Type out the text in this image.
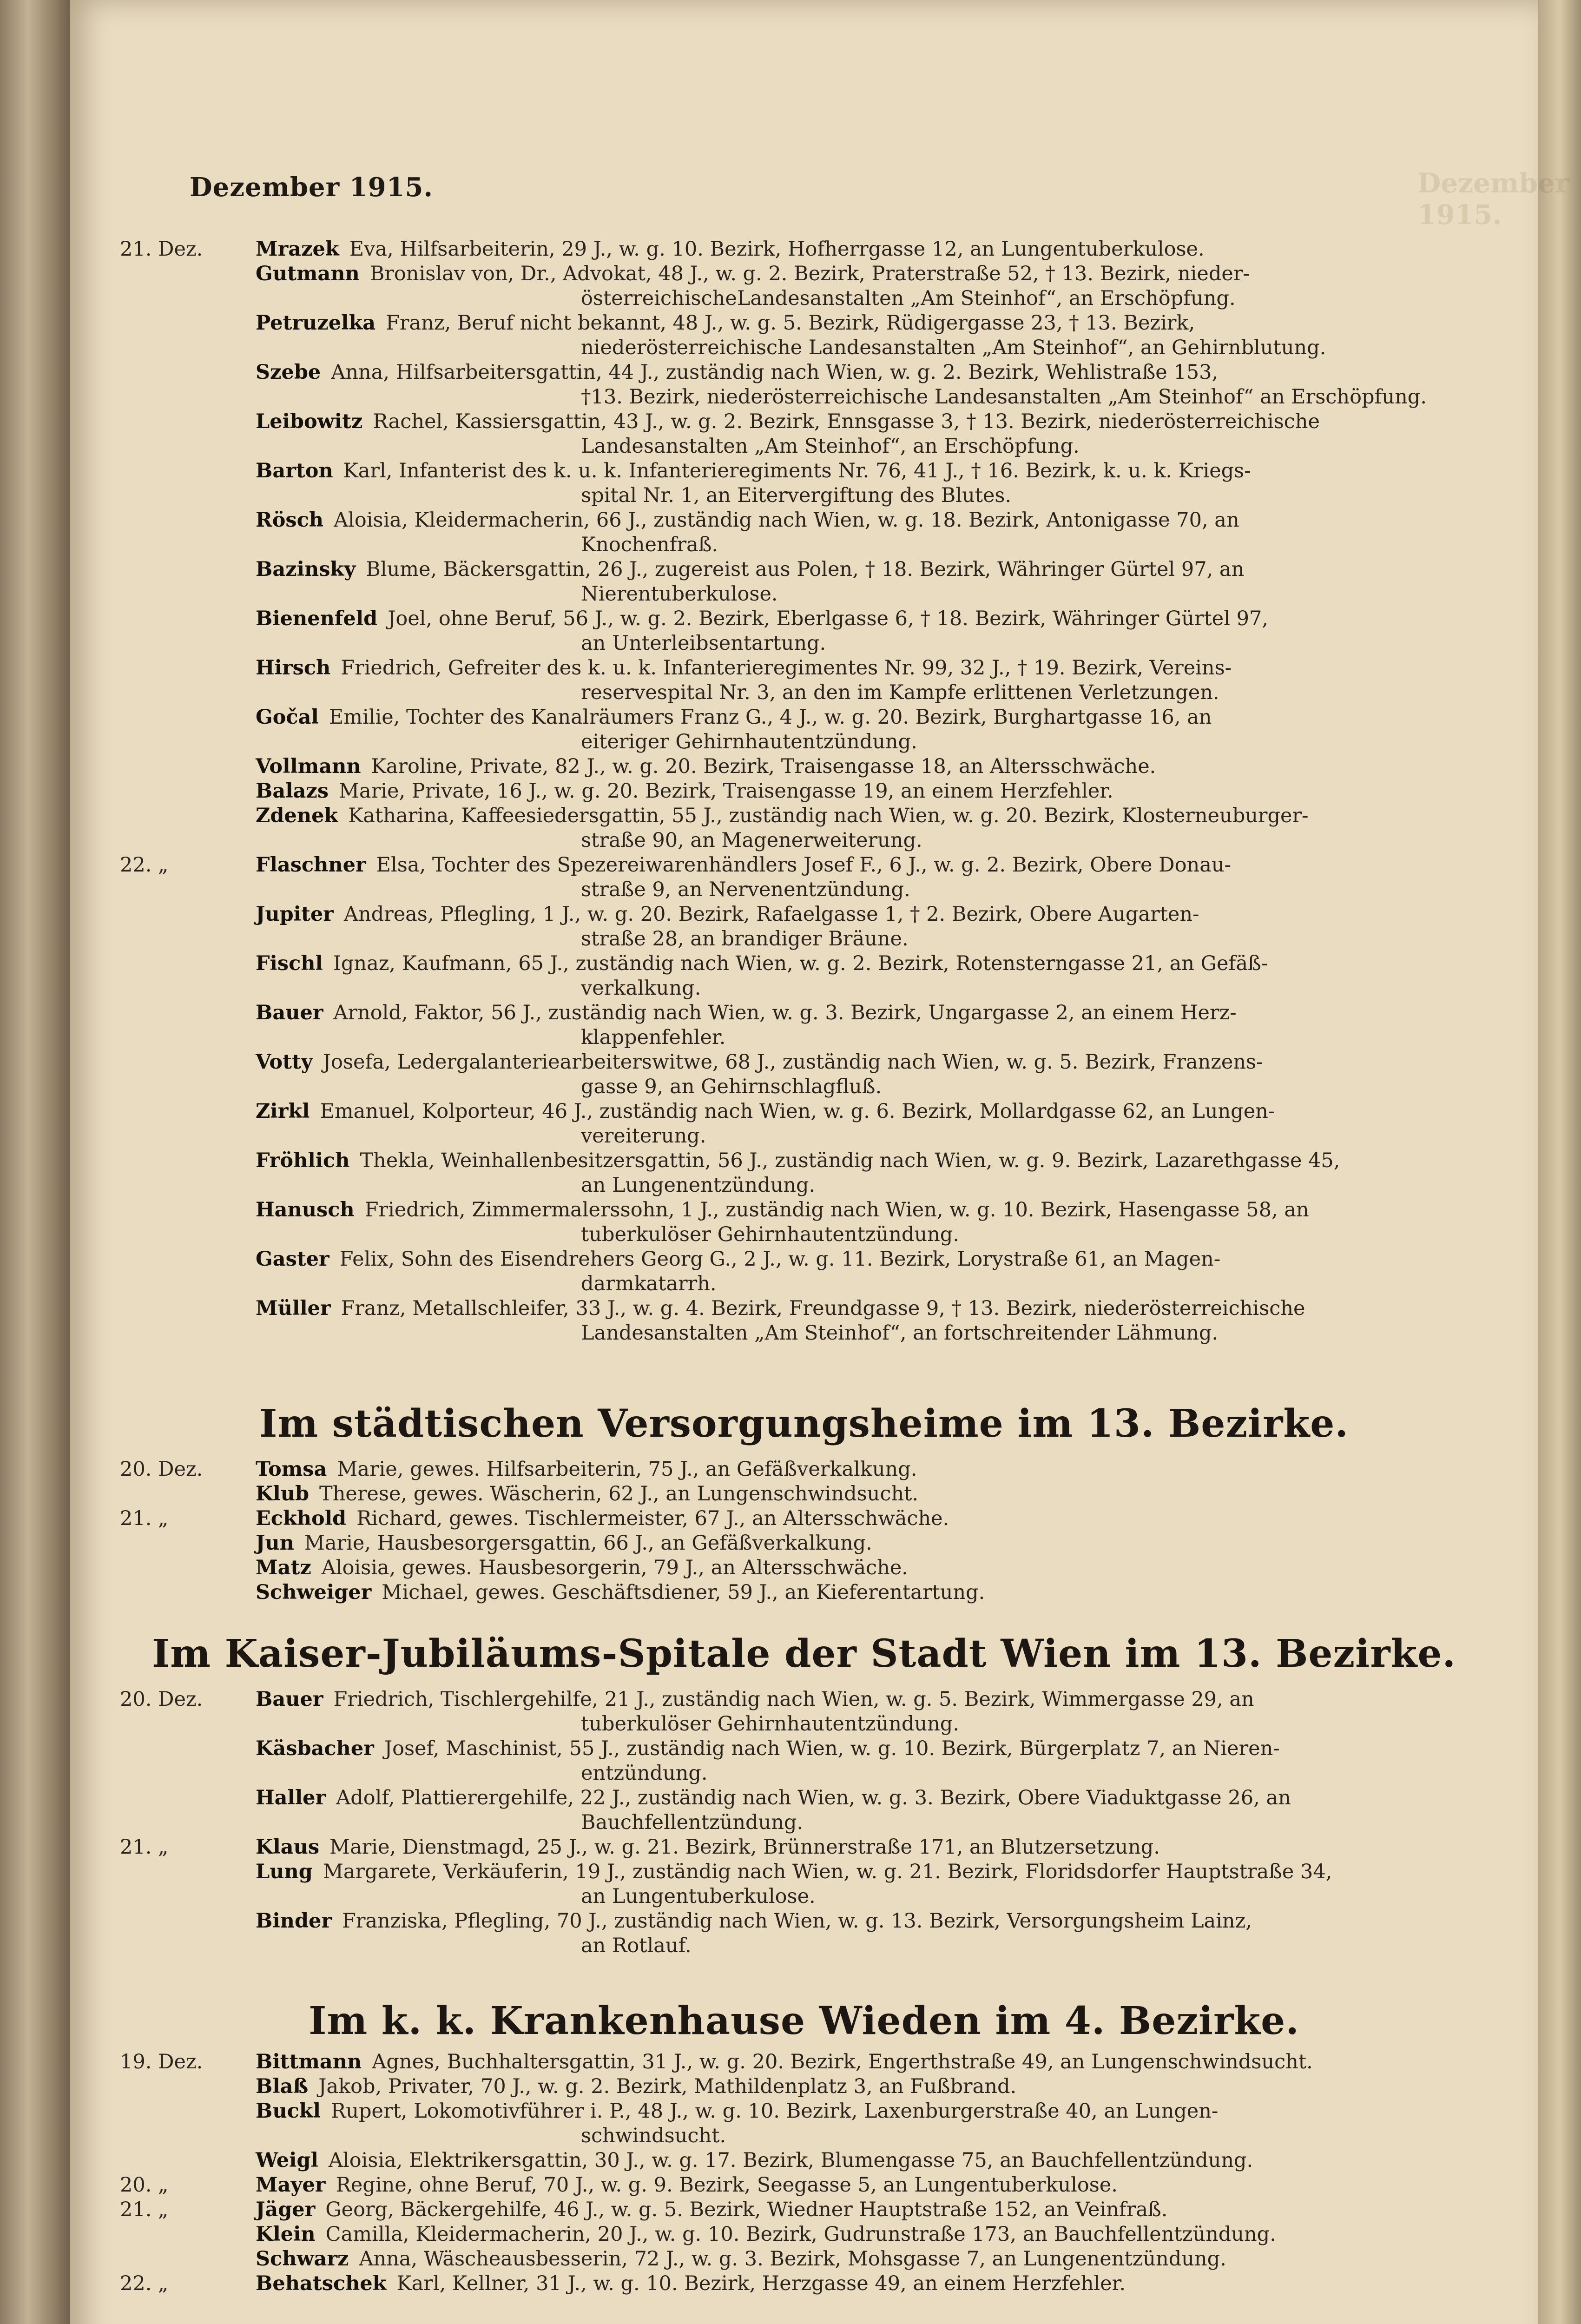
Dezember 1915.
Dezember 1915.
21. Dez.	Mrazek Eva, Hilfsarbeiterin, 29 J., w. g. 10. Bezirk, Hofherrgasse 12, an Lungentuberkulose.
Gutmann Bronislav von, Dr., Advokat, 48 J., w. g. 2. Bezirk, Praterstraße 52, † 13. Bezirk, nieder-
österreichischeLandesanstalten „Am Steinhof“, an Erschöpfung.
Petruzelka Franz, Beruf nicht bekannt, 48 J., w. g. 5. Bezirk, Rüdigergasse 23, † 13. Bezirk,
niederösterreichische Landesanstalten „Am Steinhof“, an Gehirnblutung.
Szebe Anna, Hilfsarbeitersgattin, 44 J., zuständig nach Wien, w. g. 2. Bezirk, Wehlistraße 153,
†13. Bezirk, niederösterreichische Landesanstalten „Am Steinhof“ an Erschöpfung.
Leibowitz Rachel, Kassiersgattin, 43 J., w. g. 2. Bezirk, Ennsgasse 3, † 13. Bezirk, niederösterreichische
Landesanstalten „Am Steinhof“, an Erschöpfung.
Barton Karl, Infanterist des k. u. k. Infanterieregiments Nr. 76, 41 J., † 16. Bezirk, k. u. k. Kriegs-
spital Nr. 1, an Eitervergiftung des Blutes.
Rösch Aloisia, Kleidermacherin, 66 J., zuständig nach Wien, w. g. 18. Bezirk, Antonigasse 70, an
Knochenfraß.
Bazinsky Blume, Bäckersgattin, 26 J., zugereist aus Polen, † 18. Bezirk, Währinger Gürtel 97, an
Nierentuberkulose.
Bienenfeld Joel, ohne Beruf, 56 J., w. g. 2. Bezirk, Eberlgasse 6, † 18. Bezirk, Währinger Gürtel 97,
an Unterleibsentartung.
Hirsch Friedrich, Gefreiter des k. u. k. Infanterieregimentes Nr. 99, 32 J., † 19. Bezirk, Vereins-
reservespital Nr. 3, an den im Kampfe erlittenen Verletzungen.
Gočal Emilie, Tochter des Kanalräumers Franz G., 4 J., w. g. 20. Bezirk, Burghartgasse 16, an
eiteriger Gehirnhautentzündung.
Vollmann Karoline, Private, 82 J., w. g. 20. Bezirk, Traisengasse 18, an Altersschwäche.
Balazs Marie, Private, 16 J., w. g. 20. Bezirk, Traisengasse 19, an einem Herzfehler.
Zdenek Katharina, Kaffeesiedersgattin, 55 J., zuständig nach Wien, w. g. 20. Bezirk, Klosterneuburger-
straße 90, an Magenerweiterung.
22. „	Flaschner Elsa, Tochter des Spezereiwarenhändlers Josef F., 6 J., w. g. 2. Bezirk, Obere Donau-
straße 9, an Nervenentzündung.
Jupiter Andreas, Pflegling, 1 J., w. g. 20. Bezirk, Rafaelgasse 1, † 2. Bezirk, Obere Augarten-
straße 28, an brandiger Bräune.
Fischl Ignaz, Kaufmann, 65 J., zuständig nach Wien, w. g. 2. Bezirk, Rotensterngasse 21, an Gefäß-
verkalkung.
Bauer Arnold, Faktor, 56 J., zuständig nach Wien, w. g. 3. Bezirk, Ungargasse 2, an einem Herz-
klappenfehler.
Votty Josefa, Ledergalanteriearbeiterswitwe, 68 J., zuständig nach Wien, w. g. 5. Bezirk, Franzens-
gasse 9, an Gehirnschlagfluß.
Zirkl Emanuel, Kolporteur, 46 J., zuständig nach Wien, w. g. 6. Bezirk, Mollardgasse 62, an Lungen-
vereiterung.
Fröhlich Thekla, Weinhallenbesitzersgattin, 56 J., zuständig nach Wien, w. g. 9. Bezirk, Lazarethgasse 45,
an Lungenentzündung.
Hanusch Friedrich, Zimmermalerssohn, 1 J., zuständig nach Wien, w. g. 10. Bezirk, Hasengasse 58, an
tuberkulöser Gehirnhautentzündung.
Gaster Felix, Sohn des Eisendrehers Georg G., 2 J., w. g. 11. Bezirk, Lorystraße 61, an Magen-
darmkatarrh.
Müller Franz, Metallschleifer, 33 J., w. g. 4. Bezirk, Freundgasse 9, † 13. Bezirk, niederösterreichische
Landesanstalten „Am Steinhof“, an fortschreitender Lähmung.
Im städtischen Versorgungsheime im 13. Bezirke.
20. Dez.	Tomsa Marie, gewes. Hilfsarbeiterin, 75 J., an Gefäßverkalkung.
Klub Therese, gewes. Wäscherin, 62 J., an Lungenschwindsucht.
21. „	Eckhold Richard, gewes. Tischlermeister, 67 J., an Altersschwäche.
Jun Marie, Hausbesorgersgattin, 66 J., an Gefäßverkalkung.
Matz Aloisia, gewes. Hausbesorgerin, 79 J., an Altersschwäche.
Schweiger Michael, gewes. Geschäftsdiener, 59 J., an Kieferentartung.
Im Kaiser-Jubiläums-Spitale der Stadt Wien im 13. Bezirke.
20. Dez.	Bauer Friedrich, Tischlergehilfe, 21 J., zuständig nach Wien, w. g. 5. Bezirk, Wimmergasse 29, an
tuberkulöser Gehirnhautentzündung.
Käsbacher Josef, Maschinist, 55 J., zuständig nach Wien, w. g. 10. Bezirk, Bürgerplatz 7, an Nieren-
entzündung.
Haller Adolf, Plattierergehilfe, 22 J., zuständig nach Wien, w. g. 3. Bezirk, Obere Viaduktgasse 26, an
Bauchfellentzündung.
21. „	Klaus Marie, Dienstmagd, 25 J., w. g. 21. Bezirk, Brünnerstraße 171, an Blutzersetzung.
Lung Margarete, Verkäuferin, 19 J., zuständig nach Wien, w. g. 21. Bezirk, Floridsdorfer Hauptstraße 34,
an Lungentuberkulose.
Binder Franziska, Pflegling, 70 J., zuständig nach Wien, w. g. 13. Bezirk, Versorgungsheim Lainz,
an Rotlauf.
Im k. k. Krankenhause Wieden im 4. Bezirke.
19. Dez.	Bittmann Agnes, Buchhaltersgattin, 31 J., w. g. 20. Bezirk, Engerthstraße 49, an Lungenschwindsucht.
Blaß Jakob, Privater, 70 J., w. g. 2. Bezirk, Mathildenplatz 3, an Fußbrand.
Buckl Rupert, Lokomotivführer i. P., 48 J., w. g. 10. Bezirk, Laxenburgerstraße 40, an Lungen-
schwindsucht.
Weigl Aloisia, Elektrikersgattin, 30 J., w. g. 17. Bezirk, Blumengasse 75, an Bauchfellentzündung.
20. „	Mayer Regine, ohne Beruf, 70 J., w. g. 9. Bezirk, Seegasse 5, an Lungentuberkulose.
21. „	Jäger Georg, Bäckergehilfe, 46 J., w. g. 5. Bezirk, Wiedner Hauptstraße 152, an Veinfraß.
Klein Camilla, Kleidermacherin, 20 J., w. g. 10. Bezirk, Gudrunstraße 173, an Bauchfellentzündung.
Schwarz Anna, Wäscheausbesserin, 72 J., w. g. 3. Bezirk, Mohsgasse 7, an Lungenentzündung.
22. „	Behatschek Karl, Kellner, 31 J., w. g. 10. Bezirk, Herzgasse 49, an einem Herzfehler.
